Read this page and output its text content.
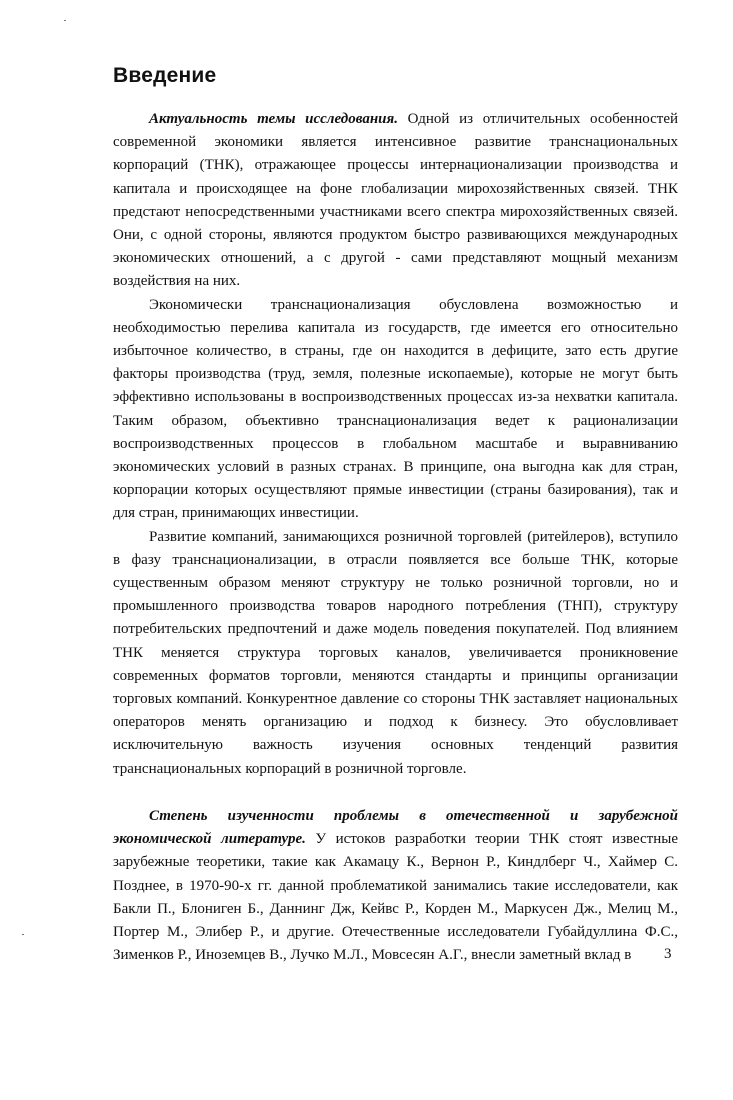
Введение

Актуальность темы исследования. Одной из отличительных особенностей современной экономики является интенсивное развитие транснациональных корпораций (ТНК), отражающее процессы интернационализации производства и капитала и происходящее на фоне глобализации мирохозяйственных связей. ТНК предстают непосредственными участниками всего спектра мирохозяйственных связей. Они, с одной стороны, являются продуктом быстро развивающихся международных экономических отношений, а с другой - сами представляют мощный механизм воздействия на них.

Экономически транснационализация обусловлена возможностью и необходимостью перелива капитала из государств, где имеется его относительно избыточное количество, в страны, где он находится в дефиците, зато есть другие факторы производства (труд, земля, полезные ископаемые), которые не могут быть эффективно использованы в воспроизводственных процессах из-за нехватки капитала. Таким образом, объективно транснационализация ведет к рационализации воспроизводственных процессов в глобальном масштабе и выравниванию экономических условий в разных странах. В принципе, она выгодна как для стран, корпорации которых осуществляют прямые инвестиции (страны базирования), так и для стран, принимающих инвестиции.

Развитие компаний, занимающихся розничной торговлей (ритейлеров), вступило в фазу транснационализации, в отрасли появляется все больше ТНК, которые существенным образом меняют структуру не только розничной торговли, но и промышленного производства товаров народного потребления (ТНП), структуру потребительских предпочтений и даже модель поведения покупателей. Под влиянием ТНК меняется структура торговых каналов, увеличивается проникновение современных форматов торговли, меняются стандарты и принципы организации торговых компаний. Конкурентное давление со стороны ТНК заставляет национальных операторов менять организацию и подход к бизнесу. Это обусловливает исключительную важность изучения основных тенденций развития транснациональных корпораций в розничной торговле.

Степень изученности проблемы в отечественной и зарубежной экономической литературе. У истоков разработки теории ТНК стоят известные зарубежные теоретики, такие как Акамацу К., Вернон Р., Киндлберг Ч., Хаймер С. Позднее, в 1970-90-х гг. данной проблематикой занимались такие исследователи, как Бакли П., Блониген Б., Даннинг Дж, Кейвс Р., Корден М., Маркусен Дж., Мелиц М., Портер М., Элибер Р., и другие. Отечественные исследователи Губайдуллина Ф.С., Зименков Р., Иноземцев В., Лучко М.Л., Мовсесян А.Г., внесли заметный вклад в	3
